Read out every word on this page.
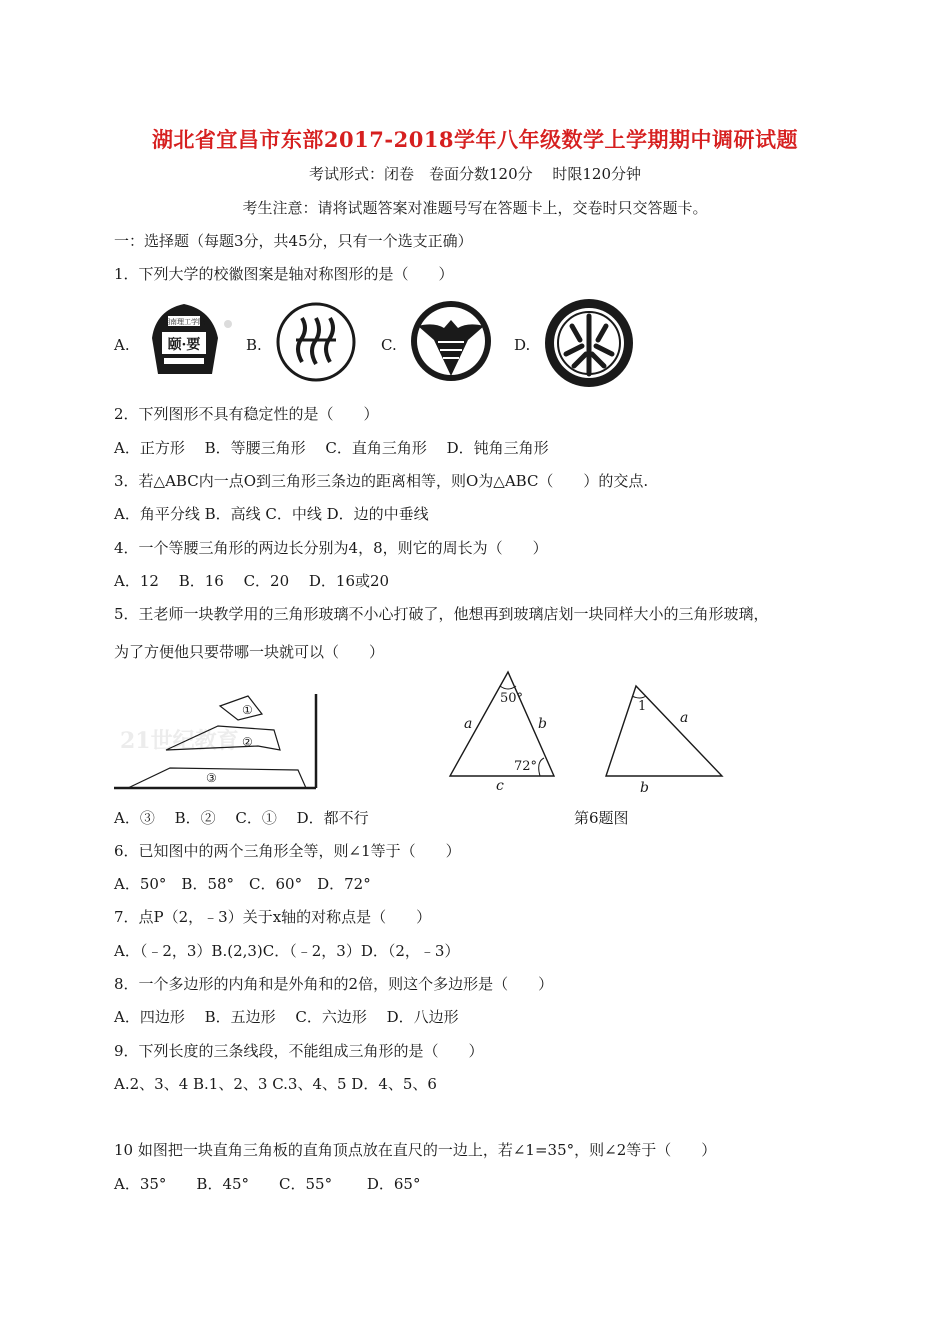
湖北省宜昌市东部2017-2018学年八年级数学上学期期中调研试题
考试形式：闭卷　卷面分数120分　 时限120分钟
考生注意：请将试题答案对准题号写在答题卡上，交卷时只交答题卡。
一：选择题（每题3分，共45分，只有一个选支正确）
1．下列大学的校徽图案是轴对称图形的是（　　）
A.
湖南理工学院
颐·要	B.	C.	D.
2．下列图形不具有稳定性的是（　　）
A．正方形　 B．等腰三角形　 C．直角三角形　 D．钝角三角形
3．若△ABC内一点O到三角形三条边的距离相等，则O为△ABC（　　）的交点.
A．角平分线 B．高线 C．中线 D．边的中垂线
4．一个等腰三角形的两边长分别为4，8，则它的周长为（　　）
A．12　 B．16　 C．20　 D．16或20
5．王老师一块教学用的三角形玻璃不小心打破了，他想再到玻璃店划一块同样大小的三角形玻璃，
为了方便他只要带哪一块就可以（　　）
21世纪教育
①
②
③
50°
72°
a	b
c
1
a
b
A．③　 B．②　 C．①　 D．都不行	第6题图
6．已知图中的两个三角形全等，则∠1等于（　　）
A．50°　B．58°　C．60°　D．72°
7．点P（2，﹣3）关于x轴的对称点是（　　）
A．（﹣2，3）B.(2,3)C．（﹣2，3）D．（2，﹣3）
8．一个多边形的内角和是外角和的2倍，则这个多边形是（　　）
A．四边形　 B．五边形　 C．六边形　 D．八边形
9．下列长度的三条线段，不能组成三角形的是（　　）
A.2、3、4 B.1、2、3 C.3、4、5 D．4、5、6
10 如图把一块直角三角板的直角顶点放在直尺的一边上，若∠1=35°，则∠2等于（　　）
A．35°　　B．45°　　C．55°　　 D．65°
